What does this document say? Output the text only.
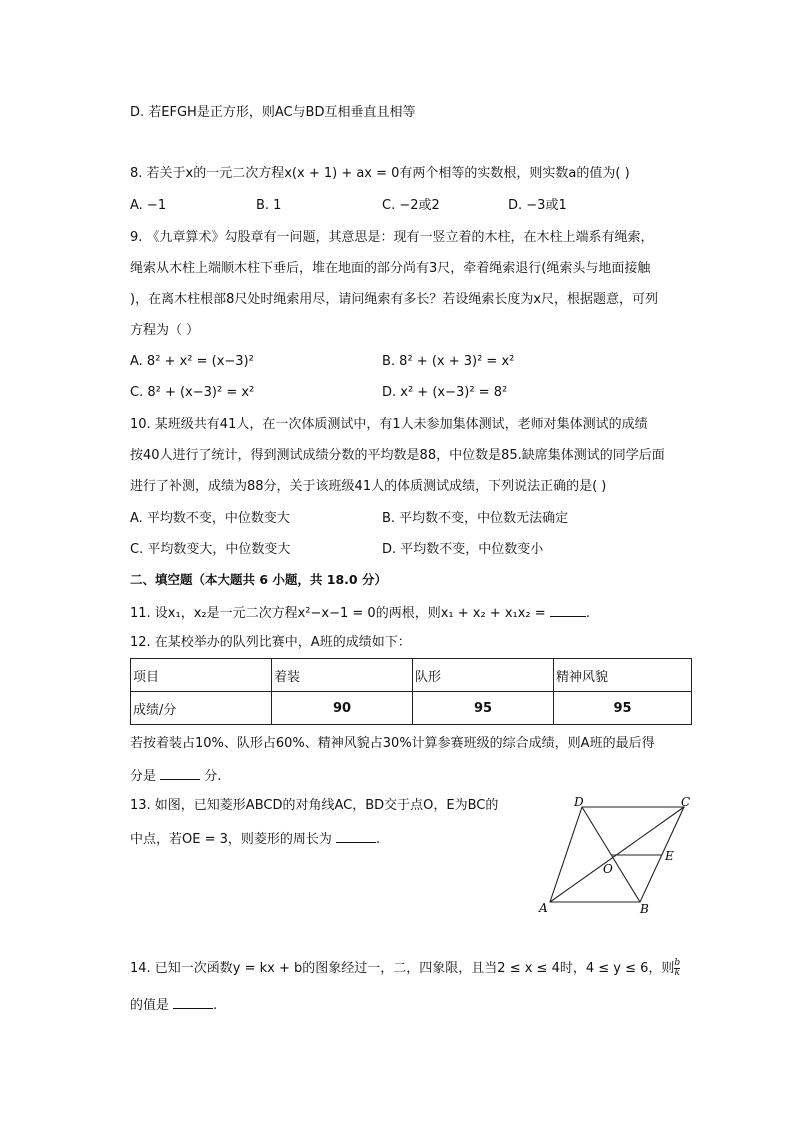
D. 若EFGH是正方形，则AC与BD互相垂直且相等
8. 若关于x的一元二次方程x(x + 1) + ax = 0有两个相等的实数根，则实数a的值为( )
A. −1	B. 1	C. −2或2	D. −3或1
9. 《九章算术》勾股章有一问题，其意思是：现有一竖立着的木柱，在木柱上端系有绳索，
绳索从木柱上端顺木柱下垂后，堆在地面的部分尚有3尺，牵着绳索退行(绳索头与地面接触
)，在离木柱根部8尺处时绳索用尽，请问绳索有多长？若设绳索长度为x尺，根据题意，可列
方程为（ ）
A. 8² + x² = (x−3)²	B. 8² + (x + 3)² = x²
C. 8² + (x−3)² = x²	D. x² + (x−3)² = 8²
10. 某班级共有41人，在一次体质测试中，有1人未参加集体测试，老师对集体测试的成绩
按40人进行了统计，得到测试成绩分数的平均数是88，中位数是85.缺席集体测试的同学后面
进行了补测，成绩为88分，关于该班级41人的体质测试成绩，下列说法正确的是( )
A. 平均数不变，中位数变大	B. 平均数不变，中位数无法确定
C. 平均数变大，中位数变大	D. 平均数不变，中位数变小
二、填空题（本大题共 6 小题，共 18.0 分）
11. 设x₁，x₂是一元二次方程x²−x−1 = 0的两根，则x₁ + x₂ + x₁x₂ =	.
12. 在某校举办的队列比赛中，A班的成绩如下：
项目	着装	队形	精神风貌
成绩/分	90	95	95
若按着装占10%、队形占60%、精神风貌占30%计算参赛班级的综合成绩，则A班的最后得
分是	分.
13. 如图，已知菱形ABCD的对角线AC，BD交于点O，E为BC的
中点，若OE = 3，则菱形的周长为	.
D	C
E
O
A	B
14. 已知一次函数y = kx + b的图象经过一，二，四象限，且当2 ≤ x ≤ 4时，4 ≤ y ≤ 6，则 $\frac{b}{k}$
的值是	.
